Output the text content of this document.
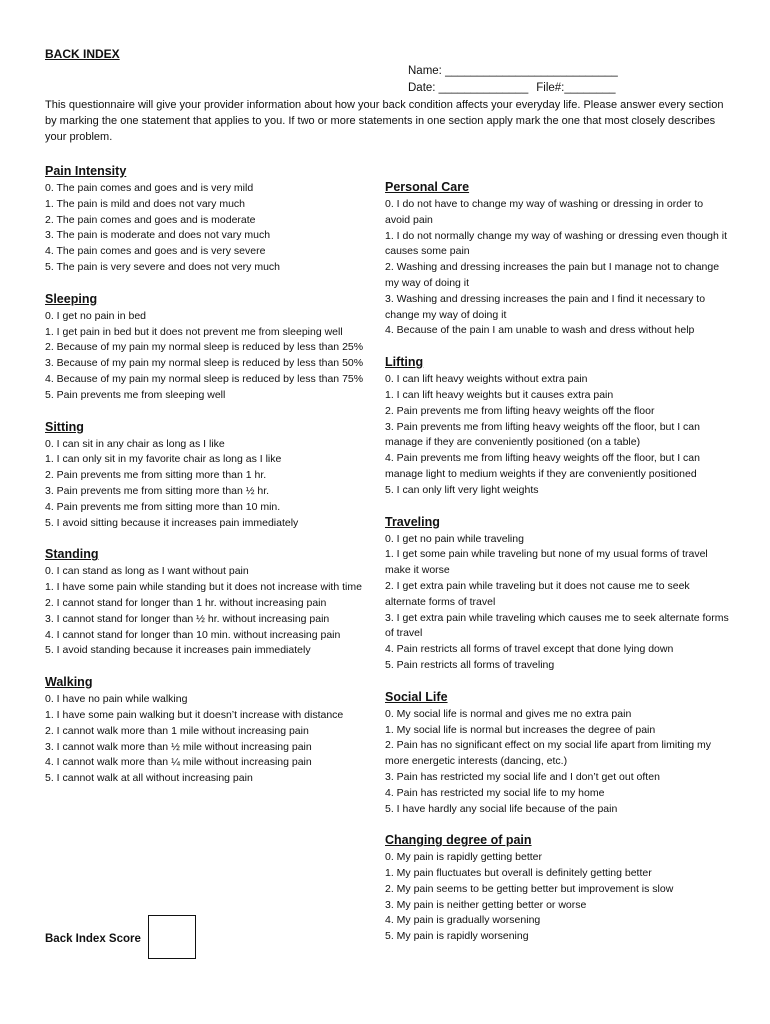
BACK INDEX
Name: ___________________________
Date: ______________ File#:________
This questionnaire will give your provider information about how your back condition affects your everyday life. Please answer every section by marking the one statement that applies to you. If two or more statements in one section apply mark the one that most closely describes your problem.
Pain Intensity
0. The pain comes and goes and is very mild
1. The pain is mild and does not vary much
2. The pain comes and goes and is moderate
3. The pain is moderate and does not vary much
4. The pain comes and goes and is very severe
5. The pain is very severe and does not very much
Sleeping
0. I get no pain in bed
1. I get pain in bed but it does not prevent me from sleeping well
2. Because of my pain my normal sleep is reduced by less than 25%
3. Because of my pain my normal sleep is reduced by less than 50%
4. Because of my pain my normal sleep is reduced by less than 75%
5. Pain prevents me from sleeping well
Sitting
0. I can sit in any chair as long as I like
1. I can only sit in my favorite chair as long as I like
2. Pain prevents me from sitting more than 1 hr.
3. Pain prevents me from sitting more than ½ hr.
4. Pain prevents me from sitting more than 10 min.
5. I avoid sitting because it increases pain immediately
Standing
0. I can stand as long as I want without pain
1. I have some pain while standing but it does not increase with time
2. I cannot stand for longer than 1 hr. without increasing pain
3. I cannot stand for longer than ½ hr. without increasing pain
4. I cannot stand for longer than 10 min. without increasing pain
5. I avoid standing because it increases pain immediately
Walking
0. I have no pain while walking
1. I have some pain walking but it doesn’t increase with distance
2. I cannot walk more than 1 mile without increasing pain
3. I cannot walk more than ½ mile without increasing pain
4. I cannot walk more than ¼ mile without increasing pain
5. I cannot walk at all without increasing pain
Personal Care
0. I do not have to change my way of washing or dressing in order to avoid pain
1. I do not normally change my way of washing or dressing even though it causes some pain
2. Washing and dressing increases the pain but I manage not to change my way of doing it
3. Washing and dressing increases the pain and I find it necessary to change my way of doing it
4. Because of the pain I am unable to wash and dress without help
Lifting
0. I can lift heavy weights without extra pain
1. I can lift heavy weights but it causes extra pain
2. Pain prevents me from lifting heavy weights off the floor
3. Pain prevents me from lifting heavy weights off the floor, but I can manage if they are conveniently positioned (on a table)
4. Pain prevents me from lifting heavy weights off the floor, but I can manage light to medium weights if they are conveniently positioned
5. I can only lift very light weights
Traveling
0. I get no pain while traveling
1. I get some pain while traveling but none of my usual forms of travel make it worse
2. I get extra pain while traveling but it does not cause me to seek alternate forms of travel
3. I get extra pain while traveling which causes me to seek alternate forms of travel
4. Pain restricts all forms of travel except that done lying down
5. Pain restricts all forms of traveling
Social Life
0. My social life is normal and gives me no extra pain
1. My social life is normal but increases the degree of pain
2. Pain has no significant effect on my social life apart from limiting my more energetic interests (dancing, etc.)
3. Pain has restricted my social life and I don’t get out often
4. Pain has restricted my social life to my home
5. I have hardly any social life because of the pain
Changing degree of pain
0. My pain is rapidly getting better
1. My pain fluctuates but overall is definitely getting better
2. My pain seems to be getting better but improvement is slow
3. My pain is neither getting better or worse
4. My pain is gradually worsening
5. My pain is rapidly worsening
Back Index Score
